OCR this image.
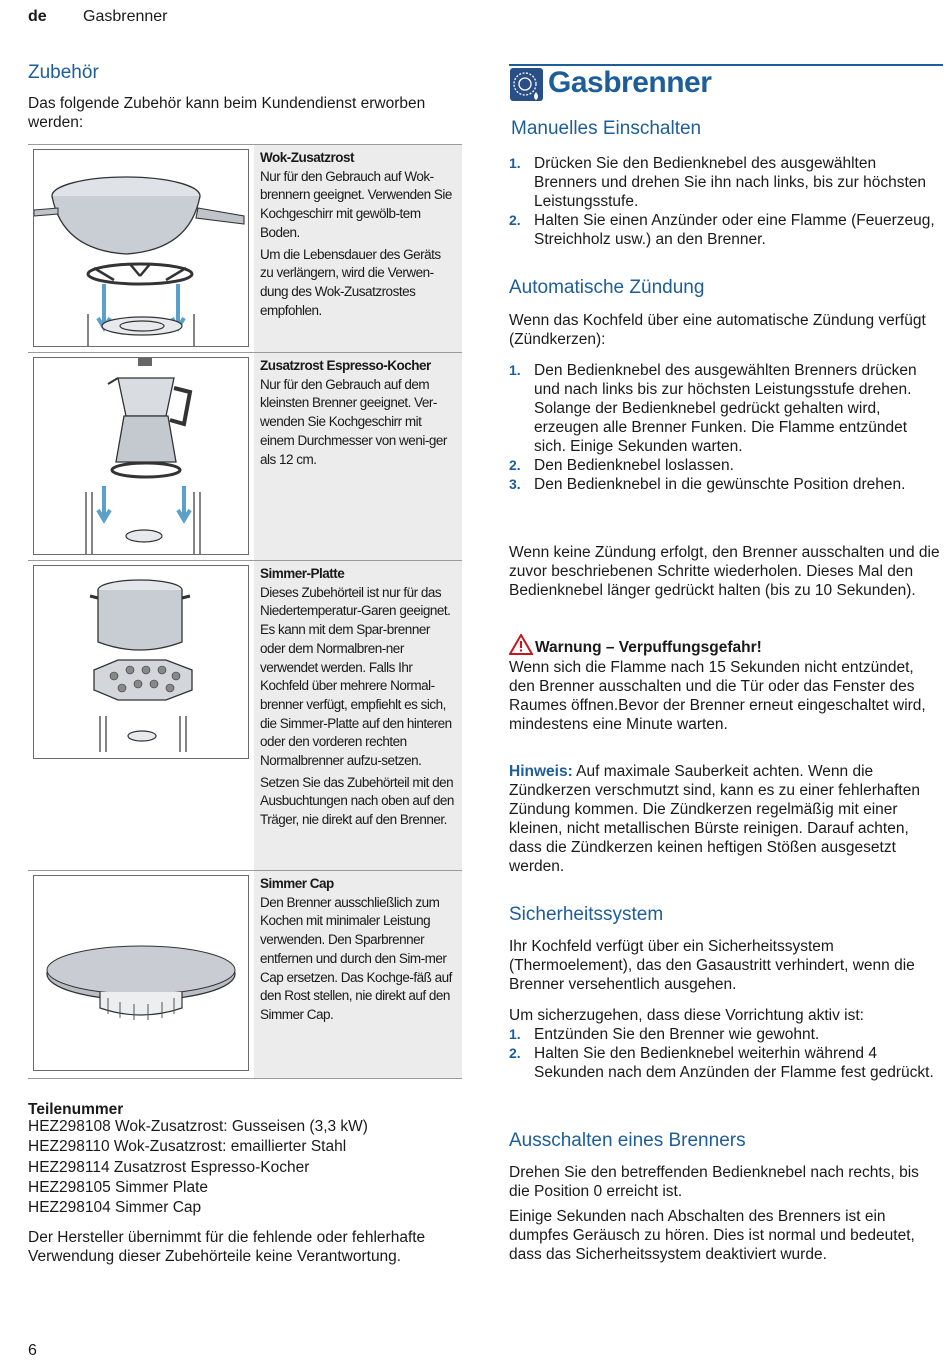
de Gasbrenner
Zubehör
Das folgende Zubehör kann beim Kundendienst erworben werden:
Wok-Zusatzrost
Nur für den Gebrauch auf Wok-brennern geeignet. Verwenden Sie Kochgeschirr mit gewölb-tem Boden.
Um die Lebensdauer des Geräts zu verlängern, wird die Verwen-dung des Wok-Zusatzrostes empfohlen.
Zusatzrost Espresso-Kocher
Nur für den Gebrauch auf dem kleinsten Brenner geeignet. Ver-wenden Sie Kochgeschirr mit einem Durchmesser von weni-ger als 12 cm.
Simmer-Platte
Dieses Zubehörteil ist nur für das Niedertemperatur-Garen geeignet. Es kann mit dem Spar-brenner oder dem Normalbren-ner verwendet werden. Falls Ihr Kochfeld über mehrere Normal-brenner verfügt, empfiehlt es sich, die Simmer-Platte auf den hinteren oder den vorderen rechten Normalbrenner aufzu-setzen.
Setzen Sie das Zubehörteil mit den Ausbuchtungen nach oben auf den Träger, nie direkt auf den Brenner.
Simmer Cap
Den Brenner ausschließlich zum Kochen mit minimaler Leistung verwenden. Den Sparbrenner entfernen und durch den Sim-mer Cap ersetzen. Das Kochge-fäß auf den Rost stellen, nie direkt auf den Simmer Cap.
Teilenummer
HEZ298108 Wok-Zusatzrost: Gusseisen (3,3 kW)
HEZ298110 Wok-Zusatzrost: emaillierter Stahl
HEZ298114 Zusatzrost Espresso-Kocher
HEZ298105 Simmer Plate
HEZ298104 Simmer Cap
Der Hersteller übernimmt für die fehlende oder fehlerhafte Verwendung dieser Zubehörteile keine Verantwortung.
Gasbrenner
Manuelles Einschalten
1. Drücken Sie den Bedienknebel des ausgewählten Brenners und drehen Sie ihn nach links, bis zur höchsten Leistungsstufe.
2. Halten Sie einen Anzünder oder eine Flamme (Feuerzeug, Streichholz usw.) an den Brenner.
Automatische Zündung
Wenn das Kochfeld über eine automatische Zündung verfügt (Zündkerzen):
1. Den Bedienknebel des ausgewählten Brenners drücken und nach links bis zur höchsten Leistungsstufe drehen.
Solange der Bedienknebel gedrückt gehalten wird, erzeugen alle Brenner Funken. Die Flamme entzündet sich. Einige Sekunden warten.
2. Den Bedienknebel loslassen.
3. Den Bedienknebel in die gewünschte Position drehen.
Wenn keine Zündung erfolgt, den Brenner ausschalten und die zuvor beschriebenen Schritte wiederholen. Dieses Mal den Bedienknebel länger gedrückt halten (bis zu 10 Sekunden).
Warnung – Verpuffungsgefahr!
Wenn sich die Flamme nach 15 Sekunden nicht entzündet, den Brenner ausschalten und die Tür oder das Fenster des Raumes öffnen.Bevor der Brenner erneut eingeschaltet wird, mindestens eine Minute warten.
Hinweis: Auf maximale Sauberkeit achten. Wenn die Zündkerzen verschmutzt sind, kann es zu einer fehlerhaften Zündung kommen. Die Zündkerzen regelmäßig mit einer kleinen, nicht metallischen Bürste reinigen. Darauf achten, dass die Zündkerzen keinen heftigen Stößen ausgesetzt werden.
Sicherheitssystem
Ihr Kochfeld verfügt über ein Sicherheitssystem (Thermoelement), das den Gasaustritt verhindert, wenn die Brenner versehentlich ausgehen.
Um sicherzugehen, dass diese Vorrichtung aktiv ist:
1. Entzünden Sie den Brenner wie gewohnt.
2. Halten Sie den Bedienknebel weiterhin während 4 Sekunden nach dem Anzünden der Flamme fest gedrückt.
Ausschalten eines Brenners
Drehen Sie den betreffenden Bedienknebel nach rechts, bis die Position 0 erreicht ist.
Einige Sekunden nach Abschalten des Brenners ist ein dumpfes Geräusch zu hören. Dies ist normal und bedeutet, dass das Sicherheitssystem deaktiviert wurde.
6
